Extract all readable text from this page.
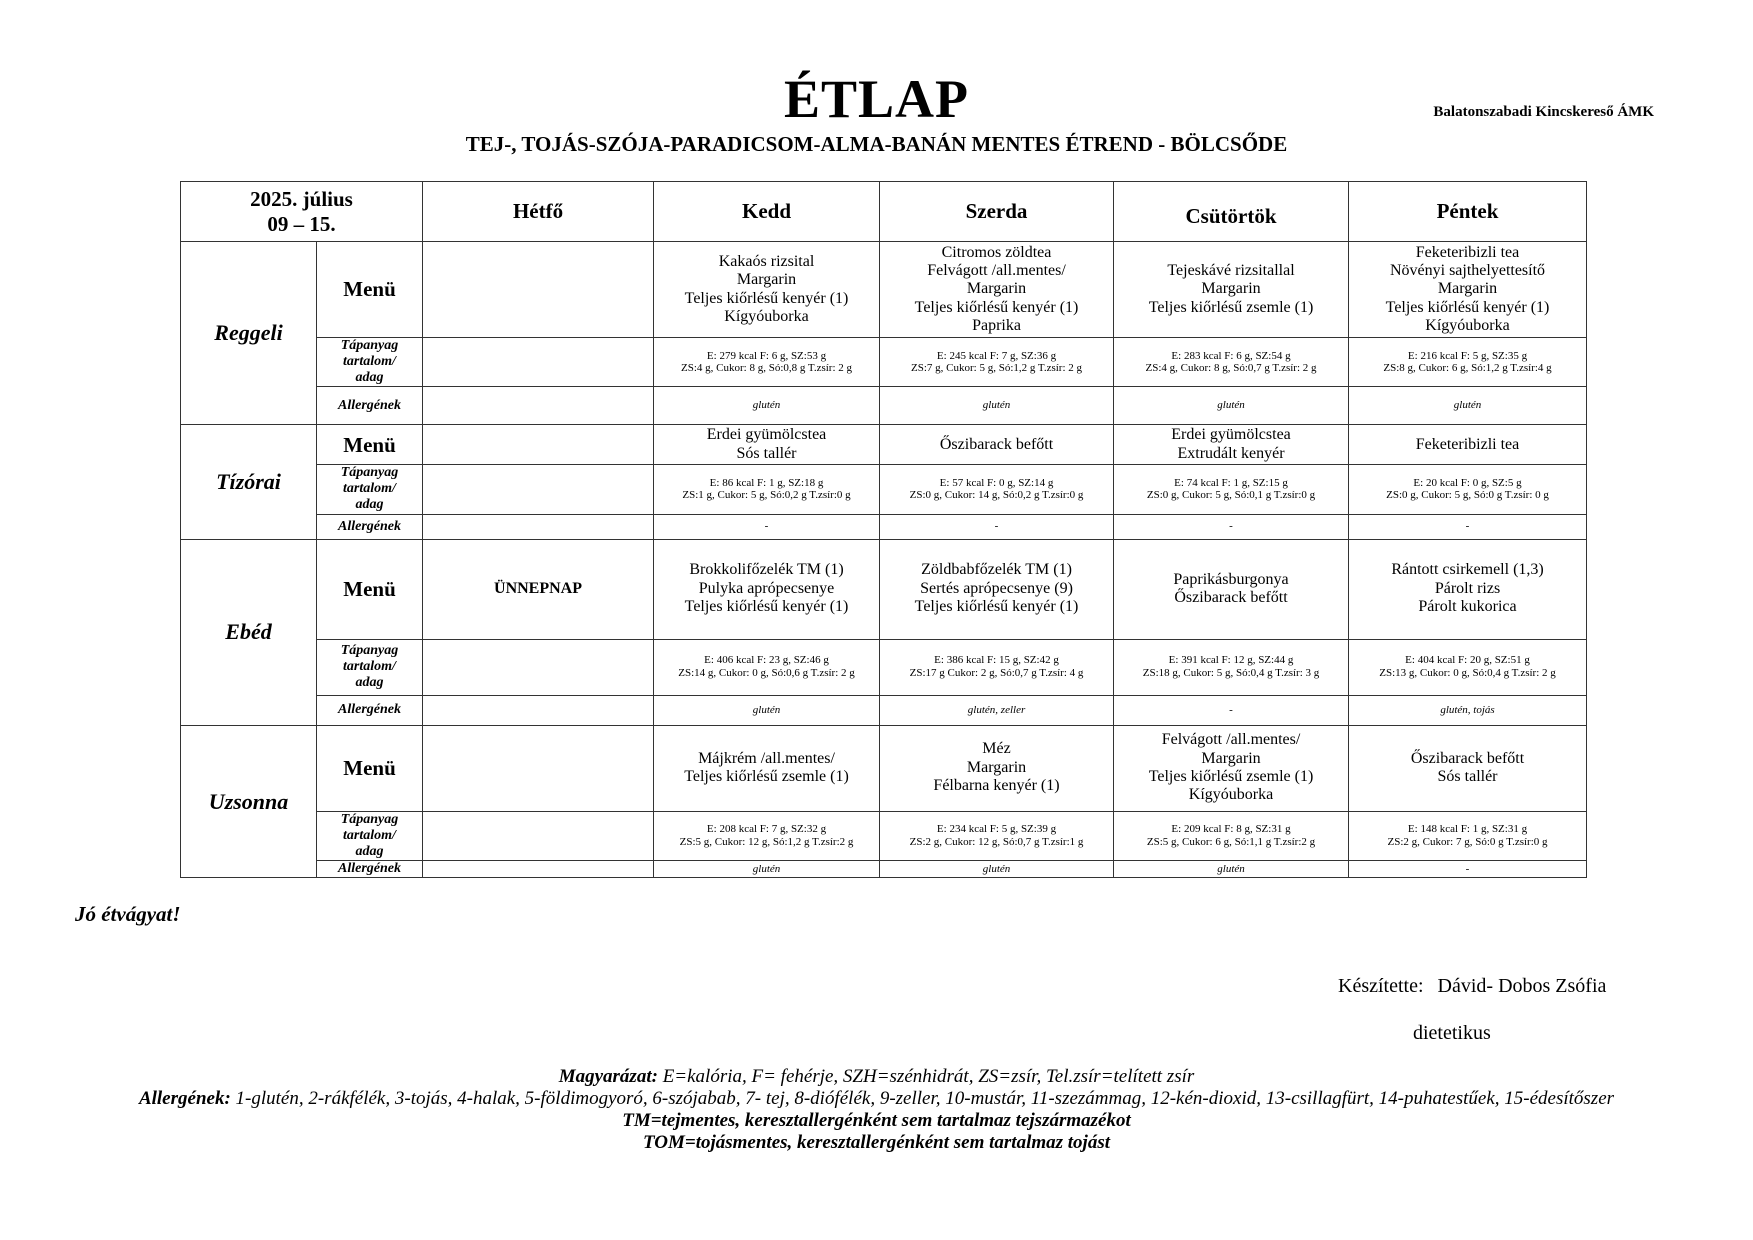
ÉTLAP	Balatonszabadi Kincskereső ÁMK
TEJ-, TOJÁS-SZÓJA-PARADICSOM-ALMA-BANÁN MENTES ÉTREND - BÖLCSŐDE
2025. július
09 – 15.		Hétfő	Kedd	Szerda	Csütörtök	Péntek
Reggeli	Menü		Kakaós rizsital
Margarin
Teljes kiőrlésű kenyér (1)
Kígyóuborka	Citromos zöldtea
Felvágott /all.mentes/
Margarin
Teljes kiőrlésű kenyér (1)
Paprika	Tejeskávé rizsitallal
Margarin
Teljes kiőrlésű zsemle (1)	Feketeribizli tea
Növényi sajthelyettesítő
Margarin
Teljes kiőrlésű kenyér (1)
Kígyóuborka

	Tápanyag
tartalom/
adag		E: 279 kcal F: 6 g, SZ:53 g
ZS:4 g, Cukor: 8 g, Só:0,8 g T.zsír: 2 g	E: 245 kcal F: 7 g, SZ:36 g
ZS:7 g, Cukor: 5 g, Só:1,2 g T.zsír: 2 g	E: 283 kcal F: 6 g, SZ:54 g
ZS:4 g, Cukor: 8 g, Só:0,7 g T.zsír: 2 g	E: 216 kcal F: 5 g, SZ:35 g
ZS:8 g, Cukor: 6 g, Só:1,2 g T.zsír:4 g

	Allergének		glutén	glutén	glutén	glutén
Tízórai	Menü		Erdei gyümölcstea
Sós tallér	Őszibarack befőtt	Erdei gyümölcstea
Extrudált kenyér	Feketeribizli tea

	Tápanyag
tartalom/
adag		E: 86 kcal F: 1 g, SZ:18 g
ZS:1 g, Cukor: 5 g, Só:0,2 g T.zsír:0 g	E: 57 kcal F: 0 g, SZ:14 g
ZS:0 g, Cukor: 14 g, Só:0,2 g T.zsír:0 g	E: 74 kcal F: 1 g, SZ:15 g
ZS:0 g, Cukor: 5 g, Só:0,1 g T.zsír:0 g	E: 20 kcal F: 0 g, SZ:5 g
ZS:0 g, Cukor: 5 g, Só:0 g T.zsír: 0 g

	Allergének		-	-	-	-
Ebéd	Menü	ÜNNEPNAP	Brokkolifőzelék TM (1)
Pulyka aprópecsenye
Teljes kiőrlésű kenyér (1)	Zöldbabfőzelék TM (1)
Sertés aprópecsenye (9)
Teljes kiőrlésű kenyér (1)	Paprikásburgonya
Őszibarack befőtt	Rántott csirkemell (1,3)
Párolt rizs
Párolt kukorica

	Tápanyag
tartalom/
adag		E: 406 kcal F: 23 g, SZ:46 g
ZS:14 g, Cukor: 0 g, Só:0,6 g T.zsír: 2 g	E: 386 kcal F: 15 g, SZ:42 g
ZS:17 g Cukor: 2 g, Só:0,7 g T.zsír: 4 g	E: 391 kcal F: 12 g, SZ:44 g
ZS:18 g, Cukor: 5 g, Só:0,4 g T.zsír: 3 g	E: 404 kcal F: 20 g, SZ:51 g
ZS:13 g, Cukor: 0 g, Só:0,4 g T.zsír: 2 g

	Allergének		glutén	glutén, zeller	-	glutén, tojás
Uzsonna	Menü		Májkrém /all.mentes/
Teljes kiőrlésű zsemle (1)	Méz
Margarin
Félbarna kenyér (1)	Felvágott /all.mentes/
Margarin
Teljes kiőrlésű zsemle (1)
Kígyóuborka	Őszibarack befőtt
Sós tallér

	Tápanyag
tartalom/
adag		E: 208 kcal F: 7 g, SZ:32 g
ZS:5 g, Cukor: 12 g, Só:1,2 g T.zsír:2 g	E: 234 kcal F: 5 g, SZ:39 g
ZS:2 g, Cukor: 12 g, Só:0,7 g T.zsír:1 g	E: 209 kcal F: 8 g, SZ:31 g
ZS:5 g, Cukor: 6 g, Só:1,1 g T.zsír:2 g	E: 148 kcal F: 1 g, SZ:31 g
ZS:2 g, Cukor: 7 g, Só:0 g T.zsír:0 g

	Allergének		glutén	glutén	glutén	-
Jó étvágyat!
Készítette: Dávid- Dobos Zsófia
dietetikus
Magyarázat: E=kalória, F= fehérje, SZH=szénhidrát, ZS=zsír, Tel.zsír=telített zsír
Allergének: 1-glutén, 2-rákfélék, 3-tojás, 4-halak, 5-földimogyoró, 6-szójabab, 7- tej, 8-diófélék, 9-zeller, 10-mustár, 11-szezámmag, 12-kén-dioxid, 13-csillagfürt, 14-puhatestűek, 15-édesítőszer
TM=tejmentes, keresztallergénként sem tartalmaz tejszármazékot
TOM=tojásmentes, keresztallergénként sem tartalmaz tojást
